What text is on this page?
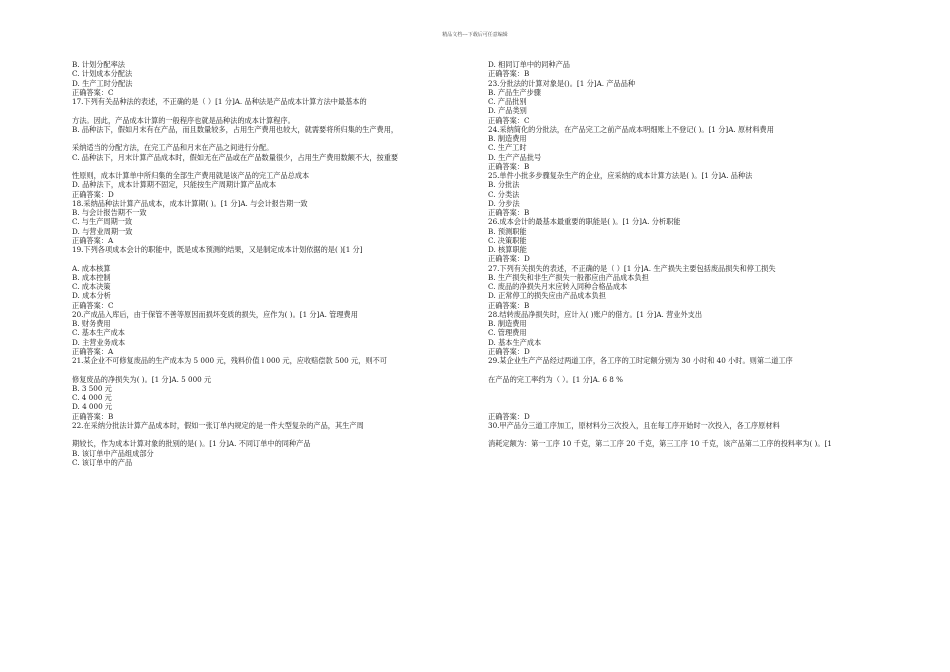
精品文档---下载后可任意编辑
B. 计划分配率法
C. 计划成本分配法
D. 生产工时分配法
正确答案：C
17.下列有关品种法的表述，不正确的是（ ）[1 分]A. 品种法是产品成本计算方法中最基本的
方法。因此，产品成本计算的一般程序也就是品种法的成本计算程序。
B. 品种法下，假如月末有在产品，而且数量较多，占用生产费用也较大，就需要将所归集的生产费用，
采纳适当的分配方法，在完工产品和月末在产品之间进行分配。
C. 品种法下，月末计算产品成本时，假如无在产品或在产品数量很少，占用生产费用数额不大，按重要
性原则，成本计算单中所归集的全部生产费用就是该产品的完工产品总成本
D. 品种法下，成本计算期不固定，只能按生产周期计算产品成本
正确答案：D
18.采纳品种法计算产品成本，成本计算期( )。[1 分]A. 与会计报告期一致
B. 与会计报告期不一致
C. 与生产周期一致
D. 与营业周期一致
正确答案：A
19.下列各项成本会计的职能中，既是成本预测的结果，又是制定成本计划依据的是( )[1 分]
A. 成本核算
B. 成本控制
C. 成本决策
D. 成本分析
正确答案：C
20.产成品入库后，由于保管不善等原因而损坏变质的损失，应作为( )。[1 分]A. 管理费用
B. 财务费用
C. 基本生产成本
D. 主营业务成本
正确答案：A
21.某企业不可修复废品的生产成本为 5 000 元，残料价值 l 000 元，应收赔偿款 500 元，则不可
修复废品的净损失为( )。[1 分]A. 5 000 元
B. 3 500 元
C. 4 000 元
D. 4 000 元
正确答案：B
22.在采纳分批法计算产品成本时，假如一张订单内规定的是一件大型复杂的产品，其生产周
期较长，作为成本计算对象的批别的是( )。[1 分]A. 不同订单中的同种产品
B. 该订单中产品组成部分
C. 该订单中的产品
D. 相同订单中的同种产品
正确答案：B
23.分批法的计算对象是()。[1 分]A. 产品品种
B. 产品生产步骤
C. 产品批别
D. 产品类别
正确答案：C
24.采纳简化的分批法，在产品完工之前产品成本明细账上不登记( )。[1 分]A. 原材料费用
B. 制造费用
C. 生产工时
D. 生产产品批号
正确答案：B
25.单件小批多步骤复杂生产的企业，应采纳的成本计算方法是( )。[1 分]A. 品种法
B. 分批法
C. 分类法
D. 分步法
正确答案：B
26.成本会计的最基本最重要的职能是( )。[1 分]A. 分析职能
B. 预测职能
C. 决策职能
D. 核算职能
正确答案：D
27.下列有关损失的表述，不正确的是（ ）[1 分]A. 生产损失主要包括废品损失和停工损失
B. 生产损失和非生产损失一般都应由产品成本负担
C. 废品的净损失月末应转入同种合格品成本
D. 正常停工的损失应由产品成本负担
正确答案：B
28.结转废品净损失时，应计入( )账户的借方。[1 分]A. 营业外支出
B. 制造费用
C. 管理费用
D. 基本生产成本
正确答案：D
29.某企业生产产品经过两道工序，各工序的工时定额分别为 30 小时和 40 小时。则第二道工序
在产品的完工率约为（ ）。[1 分]A. 6 8 %
正确答案：D
30.甲产品分三道工序加工，原材料分三次投入，且在每工序开始时一次投入，各工序原材料
消耗定额为：第一工序 10 千克，第二工序 20 千克，第三工序 10 千克，该产品第二工序的投料率为( )。[1
